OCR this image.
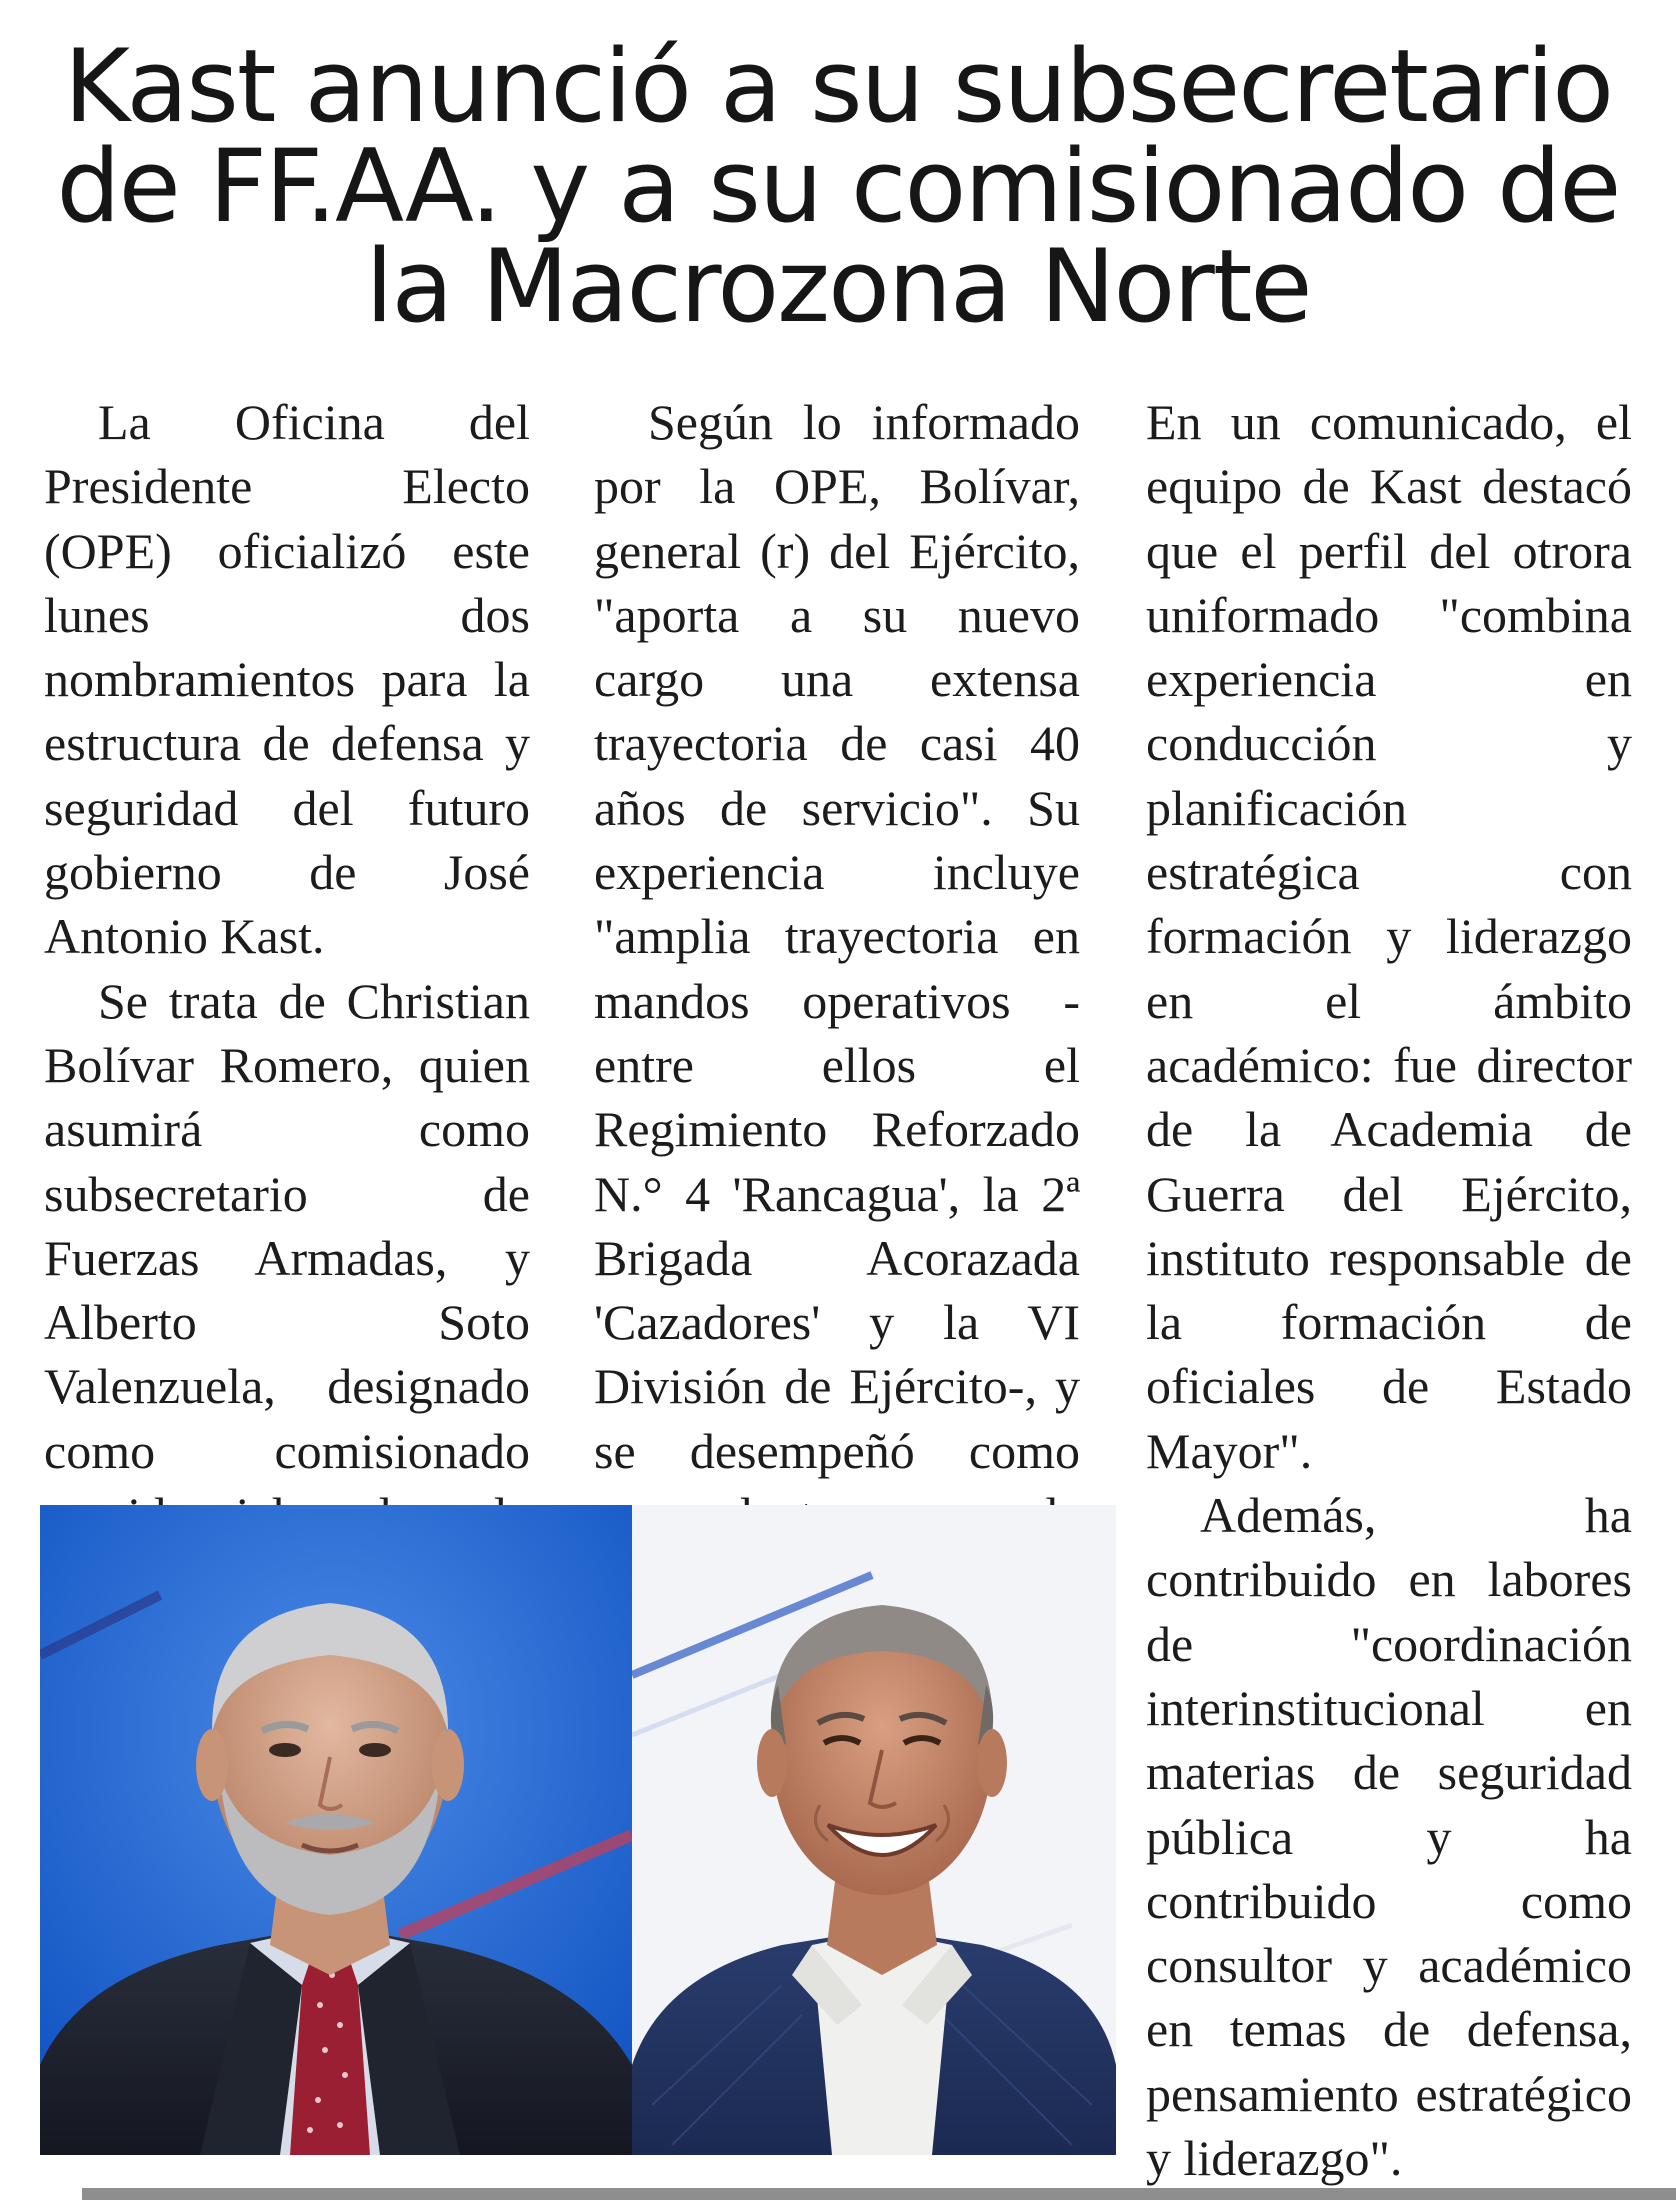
Kast anunció a su subsecretario de FF.AA. y a su comisionado de la Macrozona Norte

La Oficina del Presidente Electo (OPE) oficializó este lunes dos nombramientos para la estructura de defensa y seguridad del futuro gobierno de José Antonio Kast.

Se trata de Christian Bolívar Romero, quien asumirá como subsecretario de Fuerzas Armadas, y Alberto Soto Valenzuela, designado como comisionado

Según lo informado por la OPE, Bolívar, general (r) del Ejército, "aporta a su nuevo cargo una extensa trayectoria de casi 40 años de servicio". Su experiencia incluye "amplia trayectoria en mandos operativos -entre ellos el Regimiento Reforzado N.° 4 'Rancagua', la 2ª Brigada Acorazada 'Cazadores' y la VI División de Ejército-, y se desempeñó como

En un comunicado, el equipo de Kast destacó que el perfil del otrora uniformado "combina experiencia en conducción y planificación estratégica con formación y liderazgo en el ámbito académico: fue director de la Academia de Guerra del Ejército, instituto responsable de la formación de oficiales de Estado Mayor".

Además, ha contribuido en labores de "coordinación interinstitucional en materias de seguridad pública y ha contribuido como consultor y académico en temas de defensa, pensamiento estratégico y liderazgo".
